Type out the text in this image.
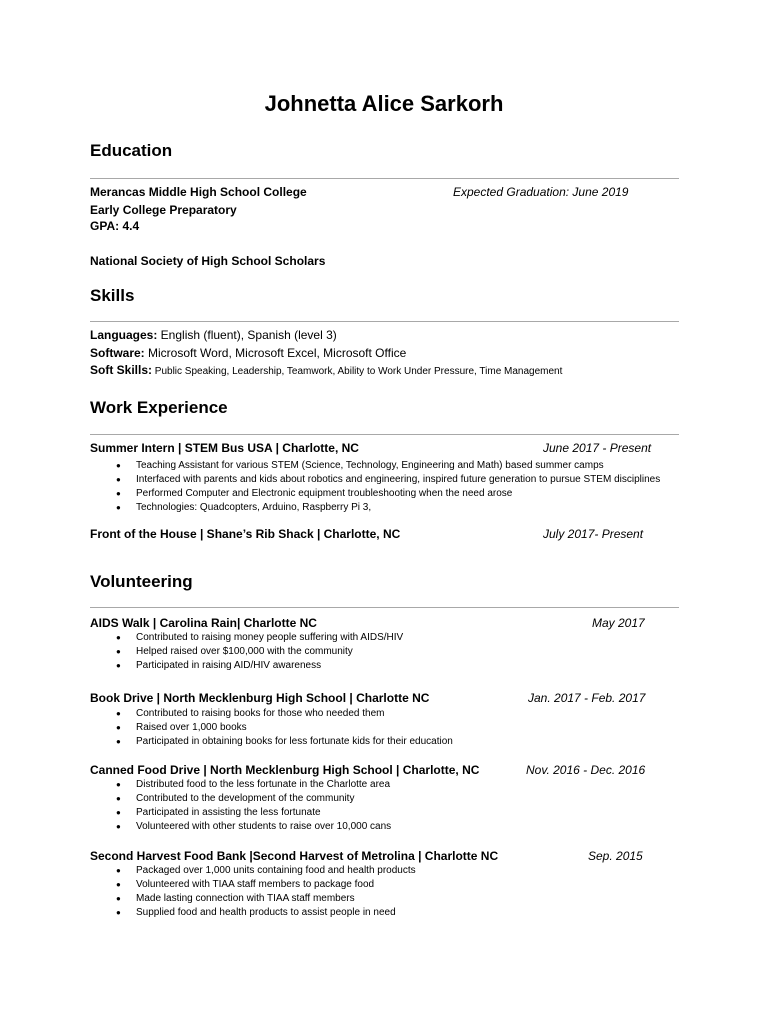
Johnetta Alice Sarkorh
Education
Merancas Middle High School College	Expected Graduation: June 2019
Early College Preparatory
GPA: 4.4
National Society of High School Scholars
Skills
Languages: English (fluent), Spanish (level 3)
Software: Microsoft Word, Microsoft Excel, Microsoft Office
Soft Skills: Public Speaking, Leadership, Teamwork, Ability to Work Under Pressure, Time Management
Work Experience
Summer Intern | STEM Bus USA | Charlotte, NC	June 2017 - Present
● Teaching Assistant for various STEM (Science, Technology, Engineering and Math) based summer camps
● Interfaced with parents and kids about robotics and engineering, inspired future generation to pursue STEM disciplines
● Performed Computer and Electronic equipment troubleshooting when the need arose
● Technologies: Quadcopters, Arduino, Raspberry Pi 3,
Front of the House | Shane’s Rib Shack | Charlotte, NC	July 2017- Present
Volunteering
AIDS Walk | Carolina Rain| Charlotte NC	May 2017
● Contributed to raising money people suffering with AIDS/HIV
● Helped raised over $100,000 with the community
● Participated in raising AID/HIV awareness
Book Drive | North Mecklenburg High School | Charlotte NC	Jan. 2017 - Feb. 2017
● Contributed to raising books for those who needed them
● Raised over 1,000 books
● Participated in obtaining books for less fortunate kids for their education
Canned Food Drive | North Mecklenburg High School | Charlotte, NC	Nov. 2016 - Dec. 2016
● Distributed food to the less fortunate in the Charlotte area
● Contributed to the development of the community
● Participated in assisting the less fortunate
● Volunteered with other students to raise over 10,000 cans
Second Harvest Food Bank |Second Harvest of Metrolina | Charlotte NC	Sep. 2015
● Packaged over 1,000 units containing food and health products
● Volunteered with TIAA staff members to package food
● Made lasting connection with TIAA staff members
● Supplied food and health products to assist people in need
